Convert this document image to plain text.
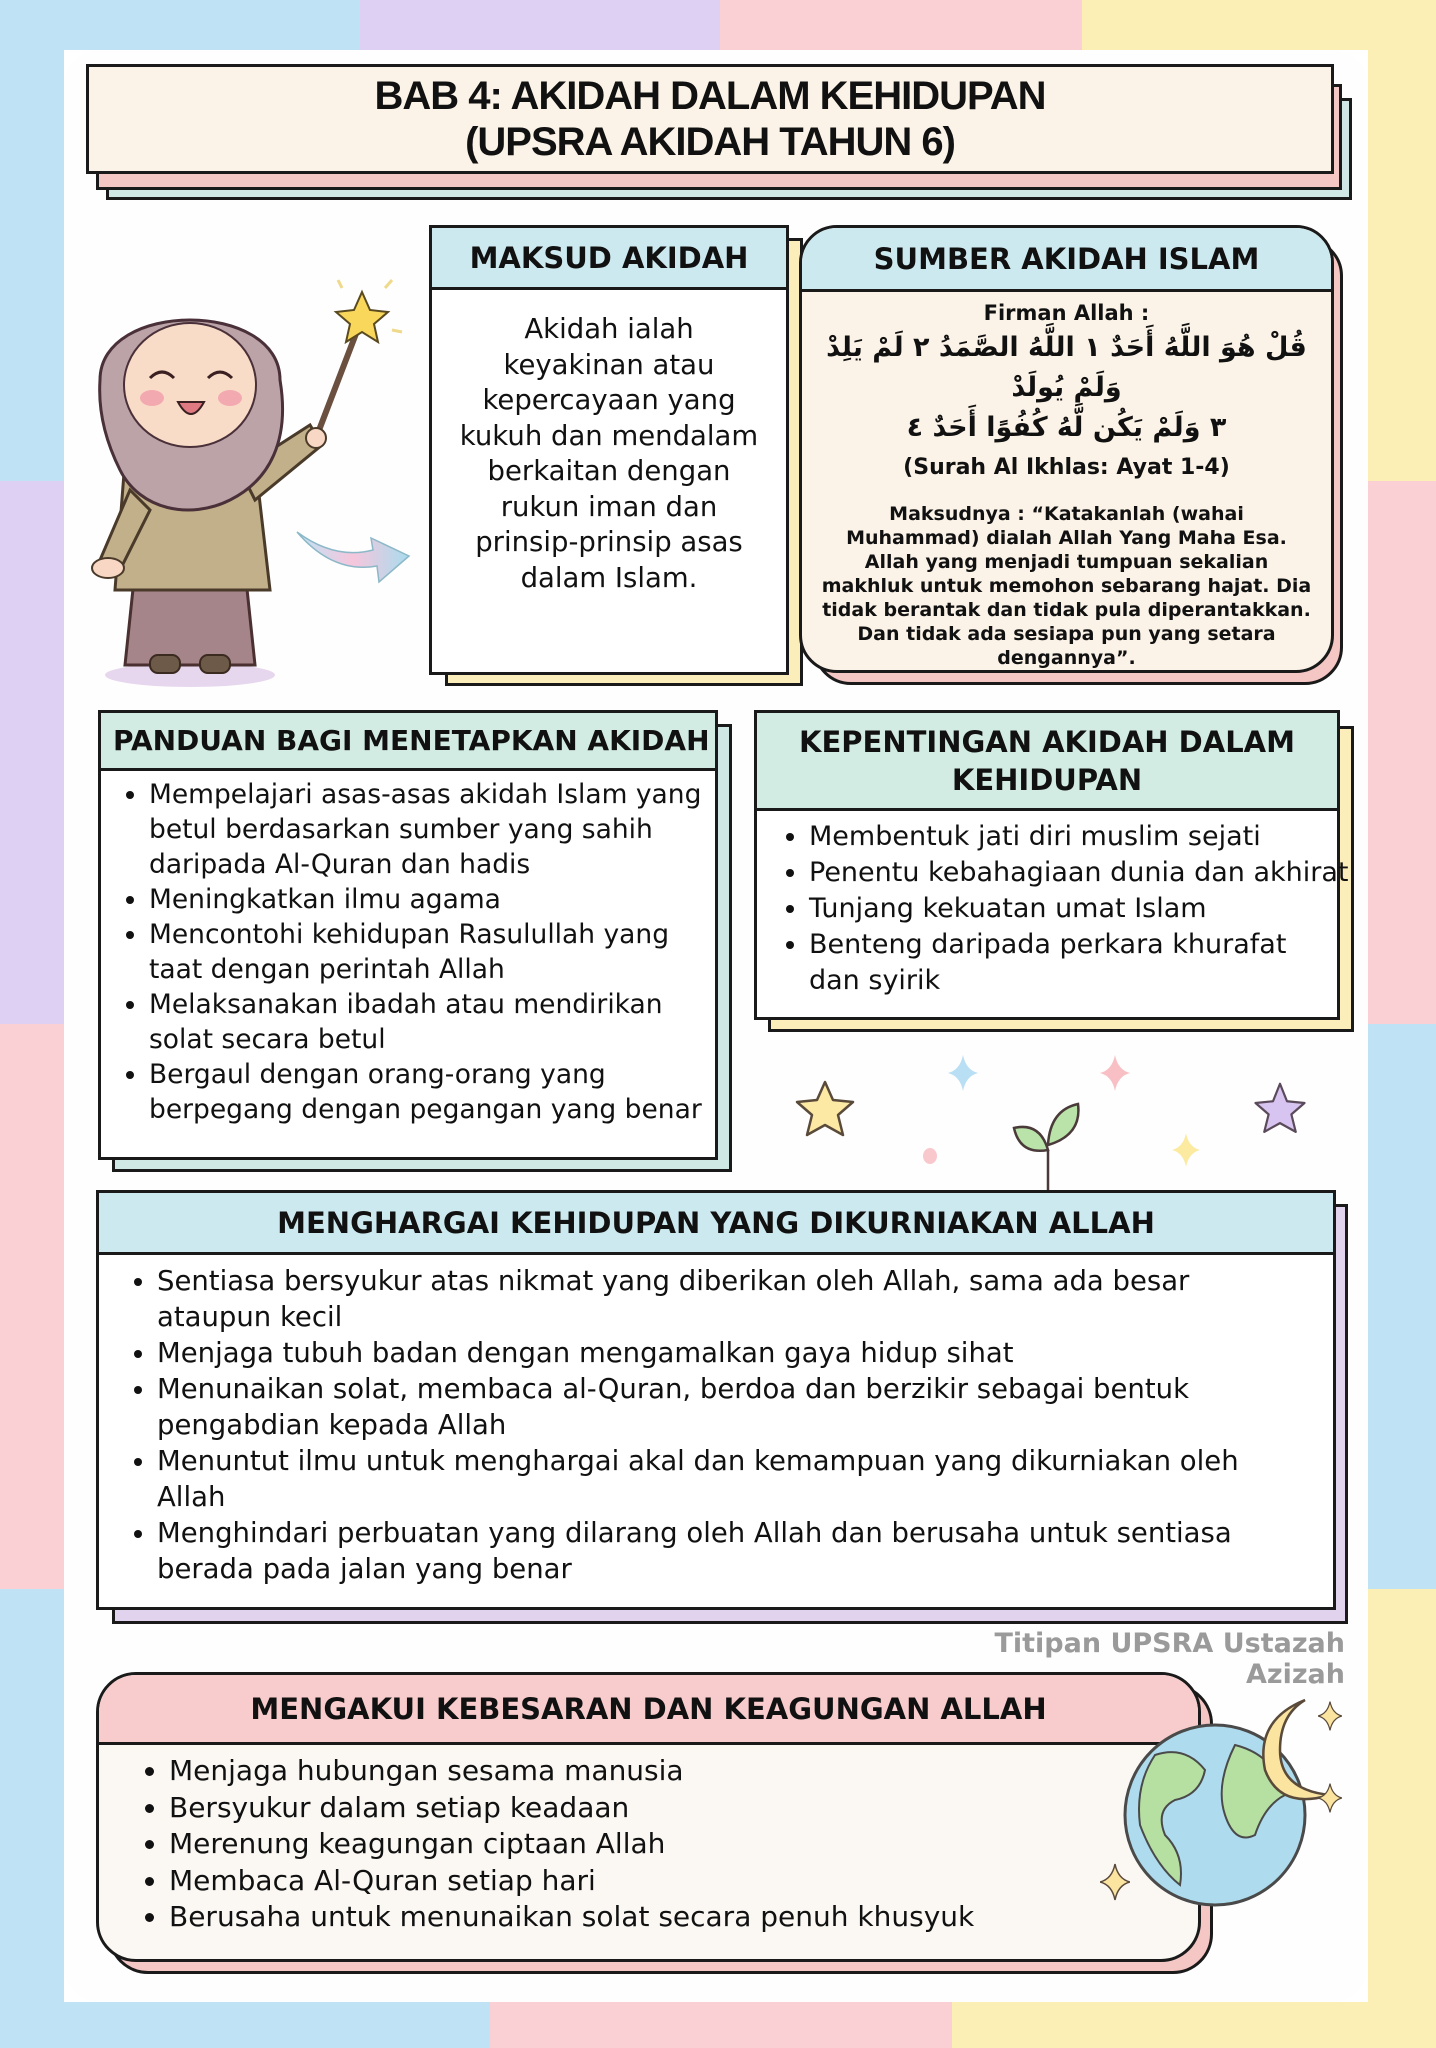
BAB 4: AKIDAH DALAM KEHIDUPAN
(UPSRA AKIDAH TAHUN 6)
MAKSUD AKIDAH
Akidah ialah keyakinan atau kepercayaan yang kukuh dan mendalam berkaitan dengan rukun iman dan prinsip-prinsip asas dalam Islam.
SUMBER AKIDAH ISLAM
Firman Allah :
قُلْ هُوَ اللَّهُ أَحَدٌ ١ اللَّهُ الصَّمَدُ ٢ لَمْ يَلِدْ وَلَمْ يُولَدْ
٣ وَلَمْ يَكُن لَّهُ كُفُوًا أَحَدٌ ٤
(Surah Al Ikhlas: Ayat 1-4)
Maksudnya : “Katakanlah (wahai Muhammad) dialah Allah Yang Maha Esa. Allah yang menjadi tumpuan sekalian makhluk untuk memohon sebarang hajat. Dia tidak berantak dan tidak pula diperantakkan. Dan tidak ada sesiapa pun yang setara dengannya”.
PANDUAN BAGI MENETAPKAN AKIDAH
• Mempelajari asas-asas akidah Islam yang betul berdasarkan sumber yang sahih daripada Al-Quran dan hadis
• Meningkatkan ilmu agama
• Mencontohi kehidupan Rasulullah yang taat dengan perintah Allah
• Melaksanakan ibadah atau mendirikan solat secara betul
• Bergaul dengan orang-orang yang berpegang dengan pegangan yang benar
KEPENTINGAN AKIDAH DALAM KEHIDUPAN
• Membentuk jati diri muslim sejati
• Penentu kebahagiaan dunia dan akhirat
• Tunjang kekuatan umat Islam
• Benteng daripada perkara khurafat dan syirik
MENGHARGAI KEHIDUPAN YANG DIKURNIAKAN ALLAH
• Sentiasa bersyukur atas nikmat yang diberikan oleh Allah, sama ada besar ataupun kecil
• Menjaga tubuh badan dengan mengamalkan gaya hidup sihat
• Menunaikan solat, membaca al-Quran, berdoa dan berzikir sebagai bentuk pengabdian kepada Allah
• Menuntut ilmu untuk menghargai akal dan kemampuan yang dikurniakan oleh Allah
• Menghindari perbuatan yang dilarang oleh Allah dan berusaha untuk sentiasa berada pada jalan yang benar
Titipan UPSRA Ustazah Azizah
MENGAKUI KEBESARAN DAN KEAGUNGAN ALLAH
• Menjaga hubungan sesama manusia
• Bersyukur dalam setiap keadaan
• Merenung keagungan ciptaan Allah
• Membaca Al-Quran setiap hari
• Berusaha untuk menunaikan solat secara penuh khusyuk
